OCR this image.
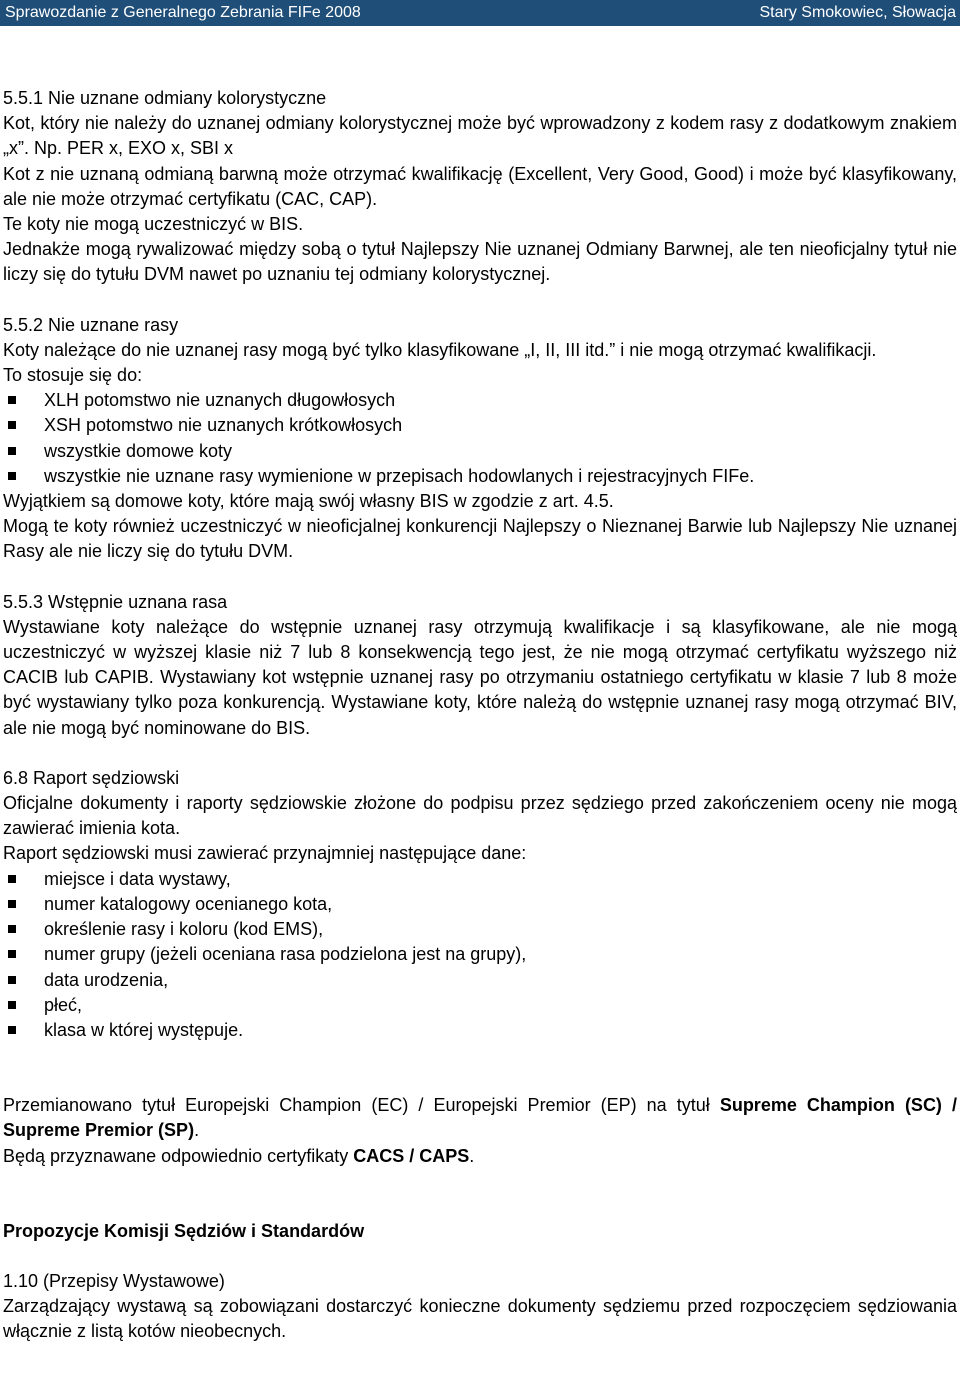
Sprawozdanie z Generalnego Zebrania FIFe 2008	Stary Smokowiec, Słowacja

5.5.1 Nie uznane odmiany kolorystyczne

Kot, który nie należy do uznanej odmiany kolorystycznej może być wprowadzony z kodem rasy z dodatkowym znakiem „x”. Np. PER x, EXO x, SBI x

Kot z nie uznaną odmianą barwną może otrzymać kwalifikację (Excellent, Very Good, Good) i może być klasyfikowany, ale nie może otrzymać certyfikatu (CAC, CAP).

Te koty nie mogą uczestniczyć w BIS.

Jednakże mogą rywalizować między sobą o tytuł Najlepszy Nie uznanej Odmiany Barwnej, ale ten nieoficjalny tytuł nie liczy się do tytułu DVM nawet po uznaniu tej odmiany kolorystycznej.

5.5.2 Nie uznane rasy

Koty należące do nie uznanej rasy mogą być tylko klasyfikowane „I, II, III itd.” i nie mogą otrzymać kwalifikacji.

To stosuje się do:

XLH potomstwo nie uznanych długowłosych
XSH potomstwo nie uznanych krótkowłosych
wszystkie domowe koty
wszystkie nie uznane rasy wymienione w przepisach hodowlanych i rejestracyjnych FIFe.

Wyjątkiem są domowe koty, które mają swój własny BIS w zgodzie z art. 4.5.

Mogą te koty również uczestniczyć w nieoficjalnej konkurencji Najlepszy o Nieznanej Barwie lub Najlepszy Nie uznanej Rasy ale nie liczy się do tytułu DVM.

5.5.3 Wstępnie uznana rasa

Wystawiane koty należące do wstępnie uznanej rasy otrzymują kwalifikacje i są klasyfikowane, ale nie mogą uczestniczyć w wyższej klasie niż 7 lub 8 konsekwencją tego jest, że nie mogą otrzymać certyfikatu wyższego niż CACIB lub CAPIB. Wystawiany kot wstępnie uznanej rasy po otrzymaniu ostatniego certyfikatu w klasie 7 lub 8 może być wystawiany tylko poza konkurencją. Wystawiane koty, które należą do wstępnie uznanej rasy mogą otrzymać BIV, ale nie mogą być nominowane do BIS.

6.8 Raport sędziowski

Oficjalne dokumenty i raporty sędziowskie złożone do podpisu przez sędziego przed zakończeniem oceny nie mogą zawierać imienia kota.

Raport sędziowski musi zawierać przynajmniej następujące dane:

miejsce i data wystawy,
numer katalogowy ocenianego kota,
określenie rasy i koloru (kod EMS),
numer grupy (jeżeli oceniana rasa podzielona jest na grupy),
data urodzenia,
płeć,
klasa w której występuje.

Przemianowano tytuł Europejski Champion (EC) / Europejski Premior (EP) na tytuł Supreme Champion (SC) / Supreme Premior (SP).

Będą przyznawane odpowiednio certyfikaty CACS / CAPS.

Propozycje Komisji Sędziów i Standardów

1.10 (Przepisy Wystawowe)

Zarządzający wystawą są zobowiązani dostarczyć konieczne dokumenty sędziemu przed rozpoczęciem sędziowania włącznie z listą kotów nieobecnych.
